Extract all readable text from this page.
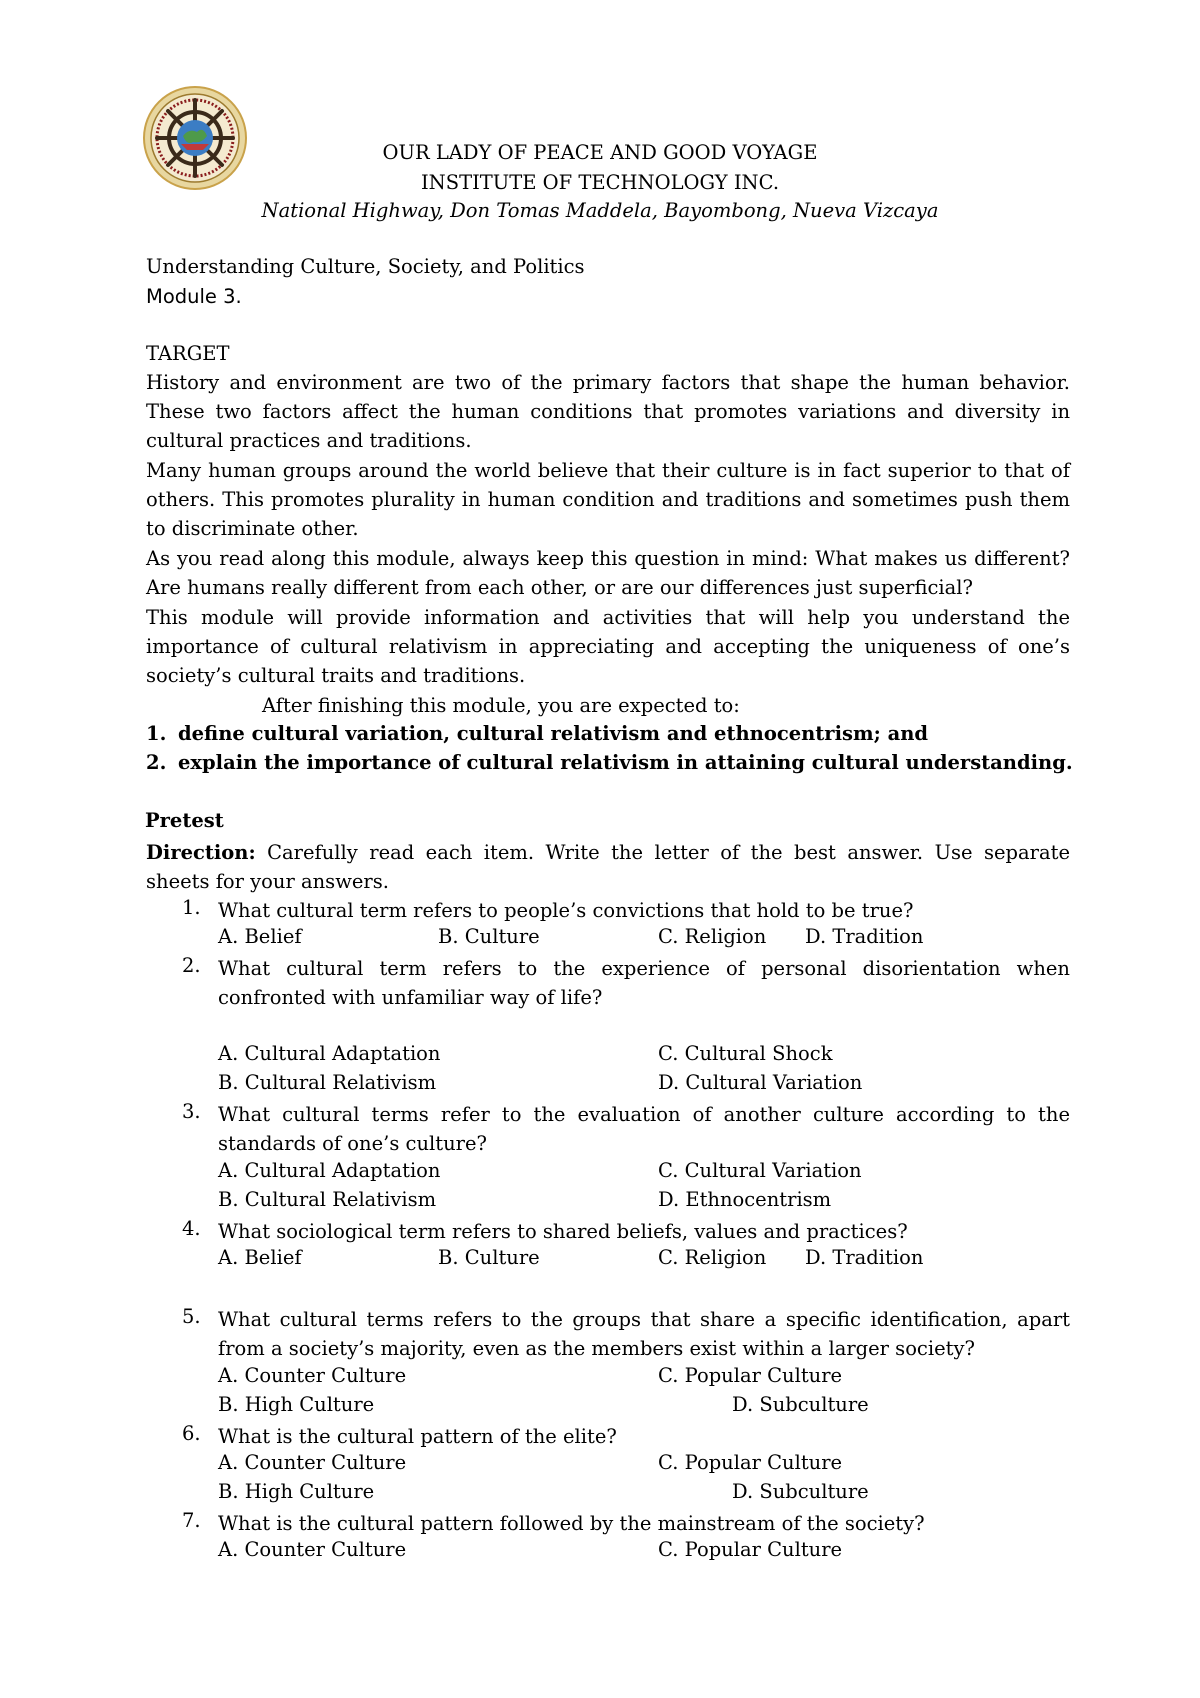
OUR LADY OF PEACE AND GOOD VOYAGE
INSTITUTE OF TECHNOLOGY INC.
National Highway, Don Tomas Maddela, Bayombong, Nueva Vizcaya
Understanding Culture, Society, and Politics
Module 3.
TARGET
History and environment are two of the primary factors that shape the human behavior. These two factors affect the human conditions that promotes variations and diversity in cultural practices and traditions.
Many human groups around the world believe that their culture is in fact superior to that of others. This promotes plurality in human condition and traditions and sometimes push them to discriminate other.
As you read along this module, always keep this question in mind: What makes us different? Are humans really different from each other, or are our differences just superficial?
This module will provide information and activities that will help you understand the importance of cultural relativism in appreciating and accepting the uniqueness of one’s society’s cultural traits and traditions.
After finishing this module, you are expected to:
1. define cultural variation, cultural relativism and ethnocentrism; and
2. explain the importance of cultural relativism in attaining cultural understanding.
Pretest
Direction: Carefully read each item. Write the letter of the best answer. Use separate sheets for your answers.
1. What cultural term refers to people’s convictions that hold to be true?
A. Belief	B. Culture	C. Religion D. Tradition
2. What cultural term refers to the experience of personal disorientation when confronted with unfamiliar way of life?
A. Cultural Adaptation	C. Cultural Shock
B. Cultural Relativism	D. Cultural Variation
3. What cultural terms refer to the evaluation of another culture according to the standards of one’s culture?
A. Cultural Adaptation	C. Cultural Variation
B. Cultural Relativism	D. Ethnocentrism
4. What sociological term refers to shared beliefs, values and practices?
A. Belief	B. Culture	C. Religion D. Tradition
5. What cultural terms refers to the groups that share a specific identification, apart from a society’s majority, even as the members exist within a larger society?
A. Counter Culture	C. Popular Culture
B. High Culture	D. Subculture
6. What is the cultural pattern of the elite?
A. Counter Culture	C. Popular Culture
B. High Culture	D. Subculture
7. What is the cultural pattern followed by the mainstream of the society?
A. Counter Culture	C. Popular Culture
